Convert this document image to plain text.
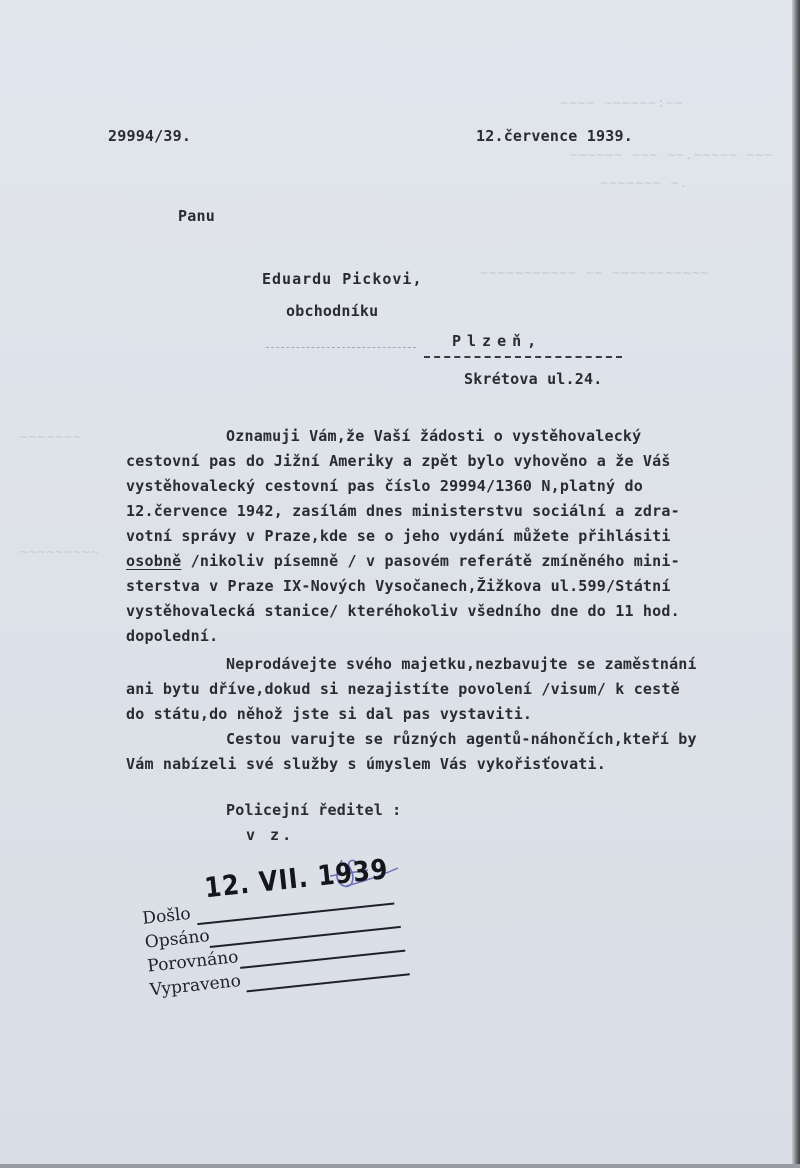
~~~~ ~~~~~~:~~
~~~~~~ ~~~ ~~.~~~~~ ~~~
~~~~~~~ ~.
~~~~~~~~~~~ ~~ ~~~~~~~~~~~
~~~~~~~
~~~~~~~~~
29994/39.	12.července 1939.
Panu
Eduardu Pickovi,
obchodníku
Plzeň,
Skrétova ul.24.
Oznamuji Vám,že Vaší žádosti o vystěhovalecký
cestovní pas do Jižní Ameriky a zpět bylo vyhověno a že Váš
vystěhovalecký cestovní pas číslo 29994/1360 N,platný do
12.července 1942, zasílám dnes ministerstvu sociální a zdra-
votní správy v Praze,kde se o jeho vydání můžete přihlásiti
osobně /nikoliv písemně / v pasovém referátě zmíněného mini-
sterstva v Praze IX-Nových Vysočanech,Žižkova ul.599/Státní
vystěhovalecká stanice/ kteréhokoliv všedního dne do 11 hod.
dopolední.
Neprodávejte svého majetku,nezbavujte se zaměstnání
ani bytu dříve,dokud si nezajistíte povolení /visum/ k cestě
do státu,do něhož jste si dal pas vystaviti.
Cestou varujte se různých agentů-náhončích,kteří by
Vám nabízeli své služby s úmyslem Vás vykořisťovati.
Policejní ředitel :
v z.
Došlo
12. VII. 1939
Opsáno
Porovnáno
Vypraveno
